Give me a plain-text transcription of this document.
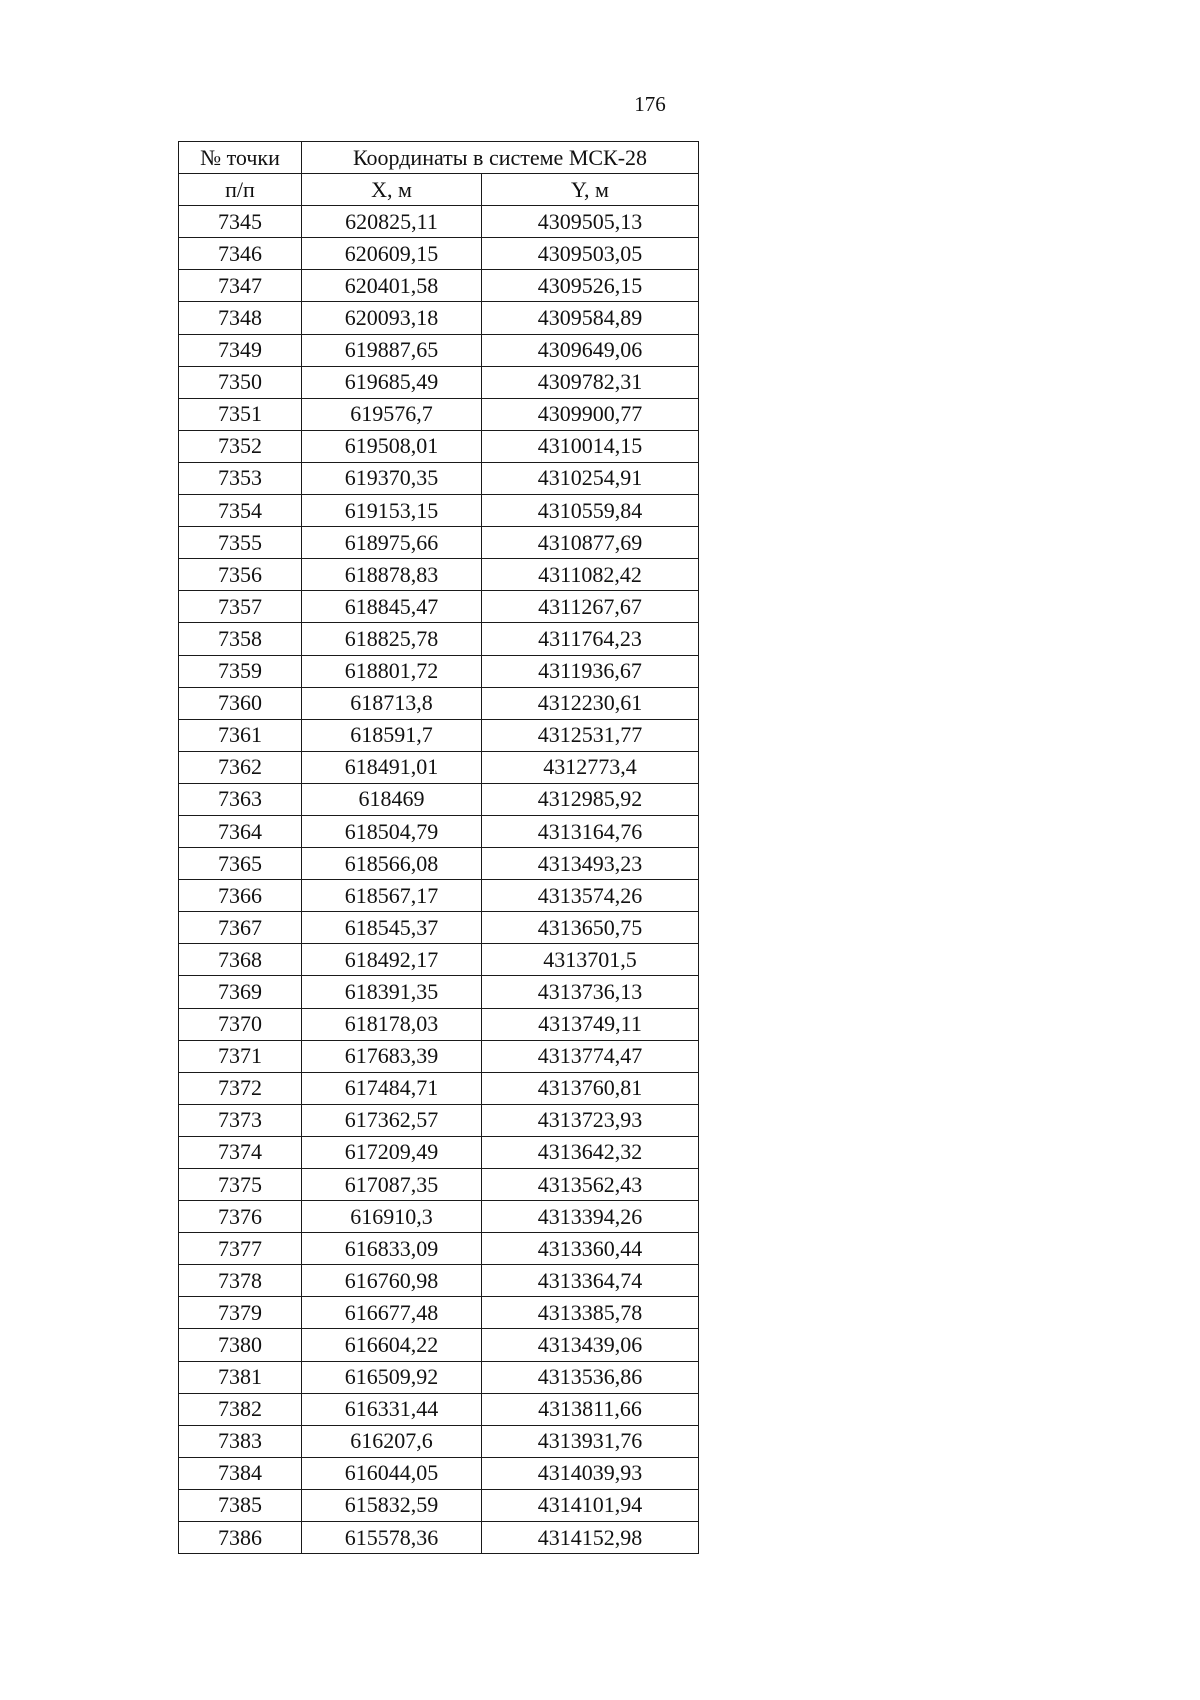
176
№ точки	Координаты в системе МСК-28	
п/п	X, м	Y, м
7345	620825,11	4309505,13
7346	620609,15	4309503,05
7347	620401,58	4309526,15
7348	620093,18	4309584,89
7349	619887,65	4309649,06
7350	619685,49	4309782,31
7351	619576,7	4309900,77
7352	619508,01	4310014,15
7353	619370,35	4310254,91
7354	619153,15	4310559,84
7355	618975,66	4310877,69
7356	618878,83	4311082,42
7357	618845,47	4311267,67
7358	618825,78	4311764,23
7359	618801,72	4311936,67
7360	618713,8	4312230,61
7361	618591,7	4312531,77
7362	618491,01	4312773,4
7363	618469	4312985,92
7364	618504,79	4313164,76
7365	618566,08	4313493,23
7366	618567,17	4313574,26
7367	618545,37	4313650,75
7368	618492,17	4313701,5
7369	618391,35	4313736,13
7370	618178,03	4313749,11
7371	617683,39	4313774,47
7372	617484,71	4313760,81
7373	617362,57	4313723,93
7374	617209,49	4313642,32
7375	617087,35	4313562,43
7376	616910,3	4313394,26
7377	616833,09	4313360,44
7378	616760,98	4313364,74
7379	616677,48	4313385,78
7380	616604,22	4313439,06
7381	616509,92	4313536,86
7382	616331,44	4313811,66
7383	616207,6	4313931,76
7384	616044,05	4314039,93
7385	615832,59	4314101,94
7386	615578,36	4314152,98
